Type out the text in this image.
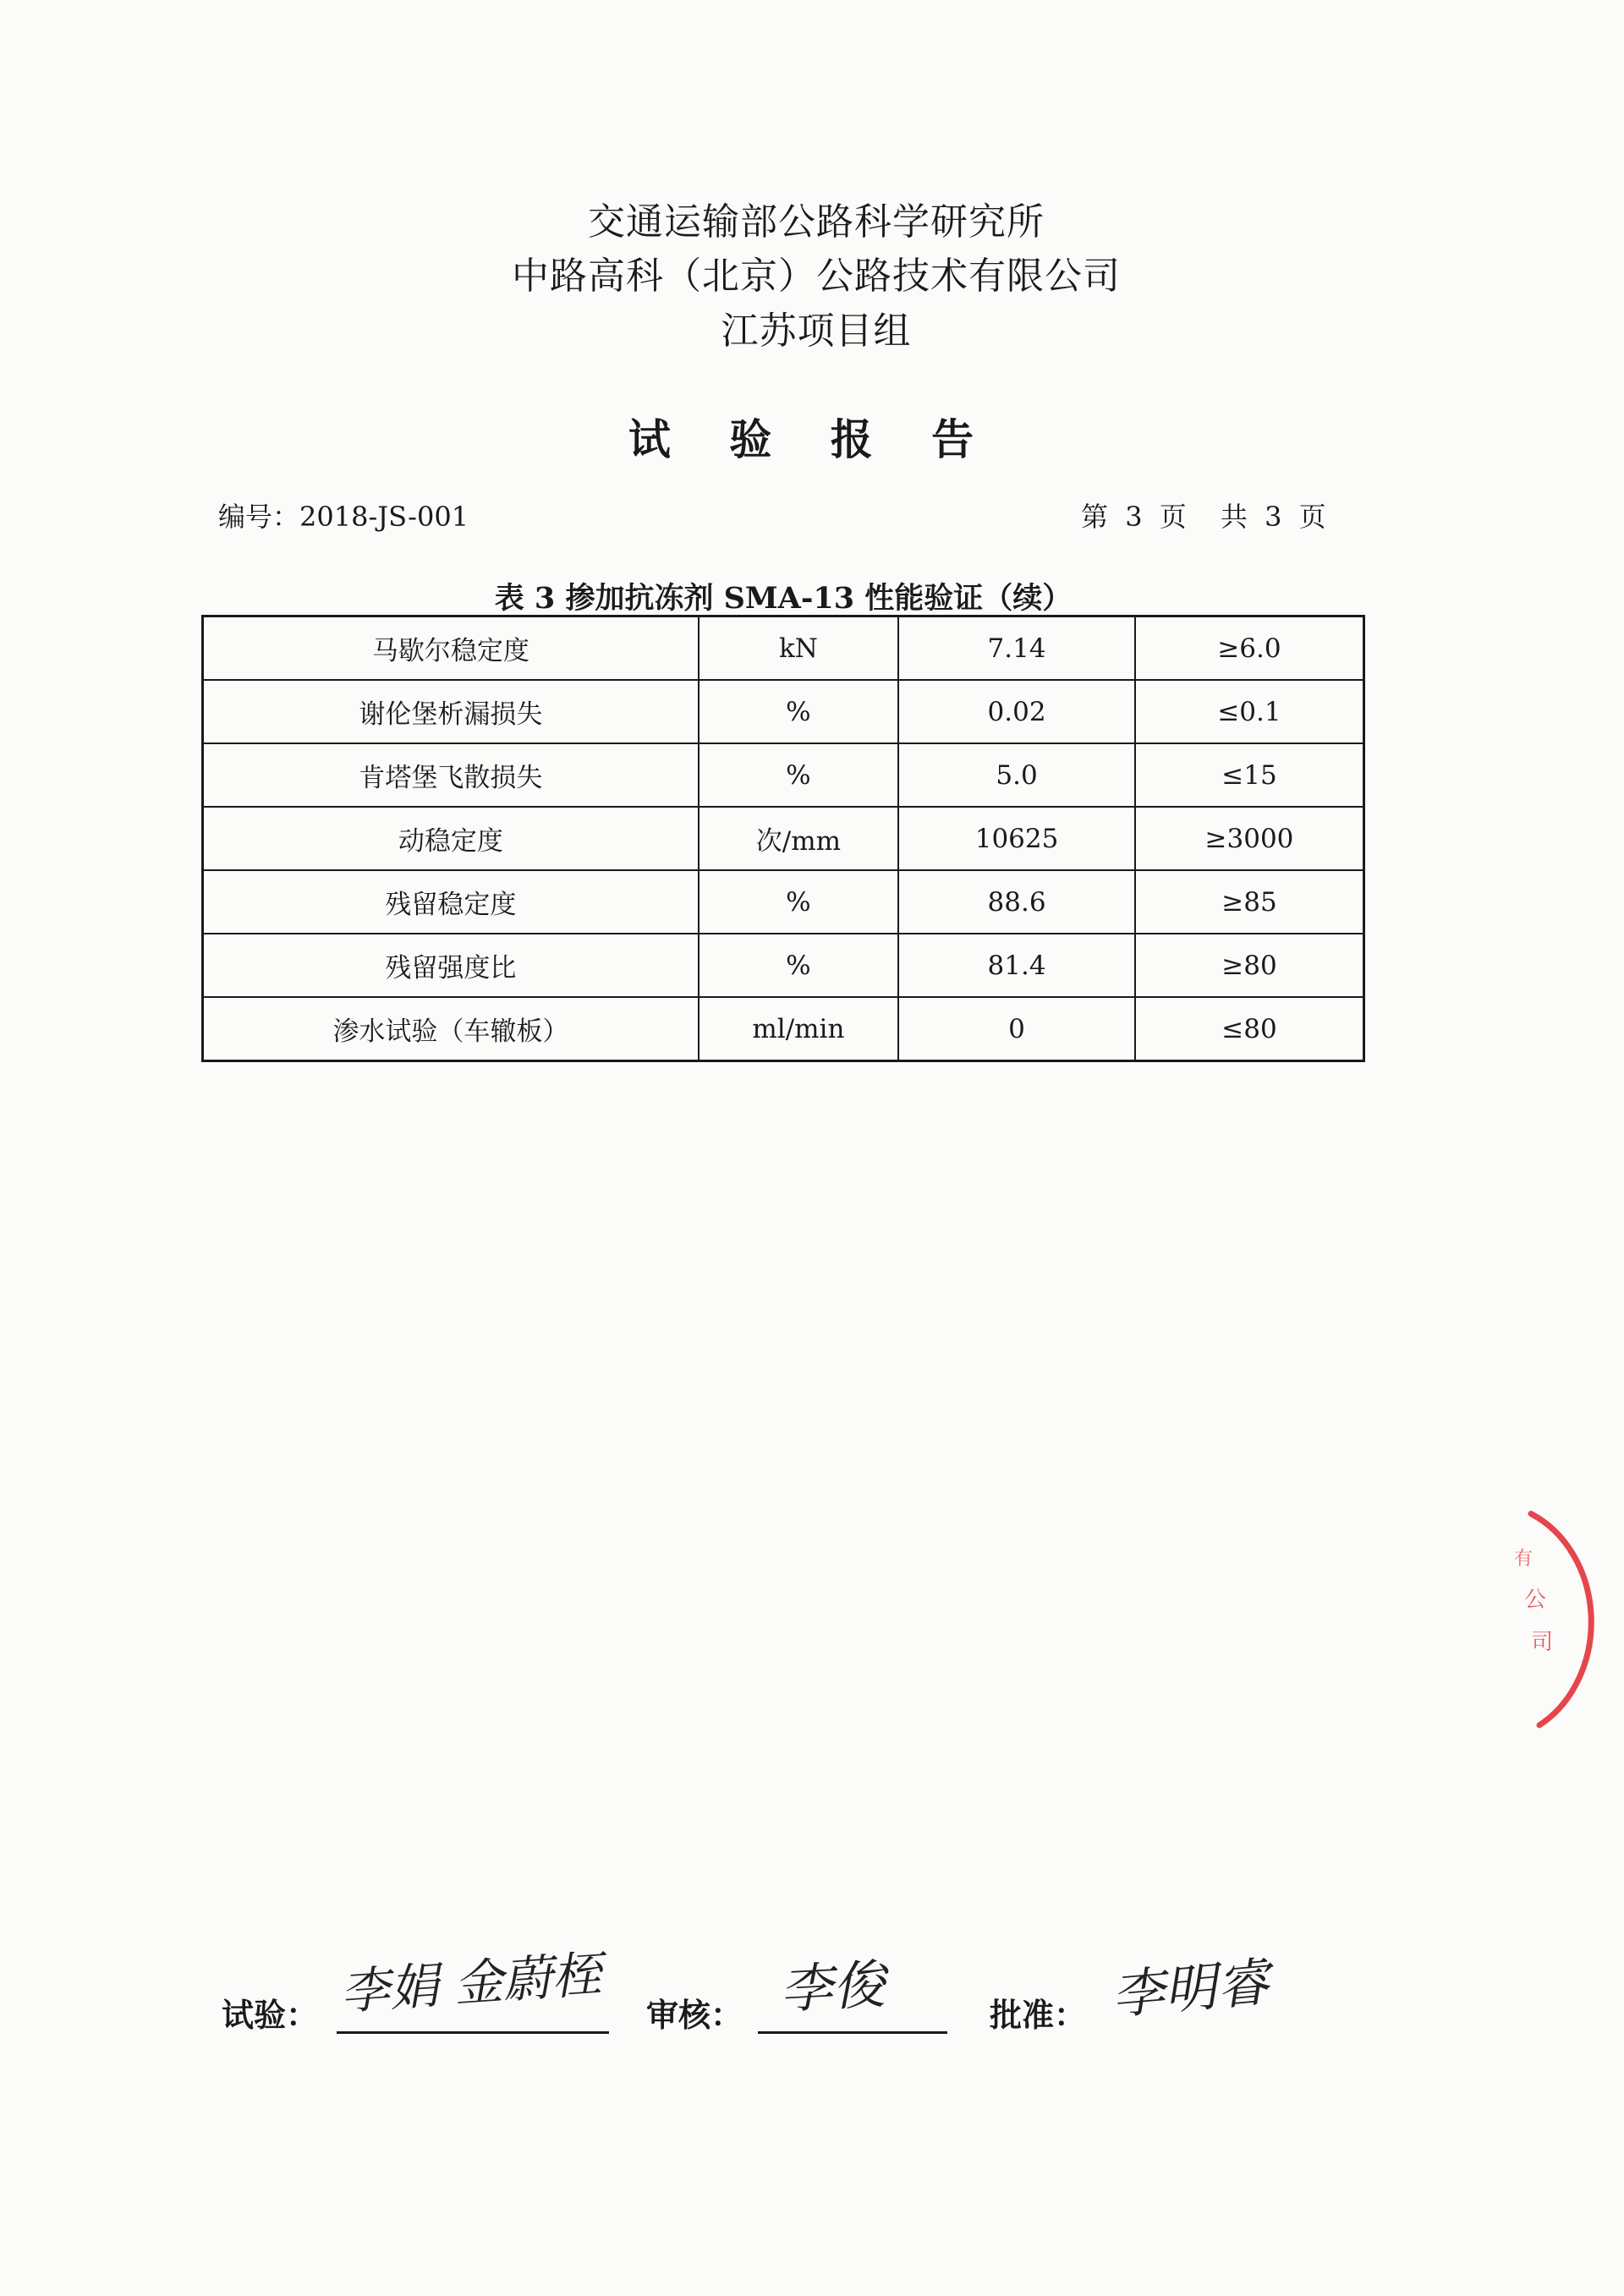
交通运输部公路科学研究所
中路高科（北京）公路技术有限公司
江苏项目组
试 验 报 告
编号：2018-JS-001	第 3 页 共 3 页
表 3 掺加抗冻剂 SMA-13 性能验证（续）
马歇尔稳定度	kN	7.14	≥6.0
谢伦堡析漏损失	%	0.02	≤0.1
肯塔堡飞散损失	%	5.0	≤15
动稳定度	次/mm	10625	≥3000
残留稳定度	%	88.6	≥85
残留强度比	%	81.4	≥80
渗水试验（车辙板）	ml/min	0	≤80
公
司
有
试验： 李娟 金蔚桎 审核： 李俊	批准： 李明睿
